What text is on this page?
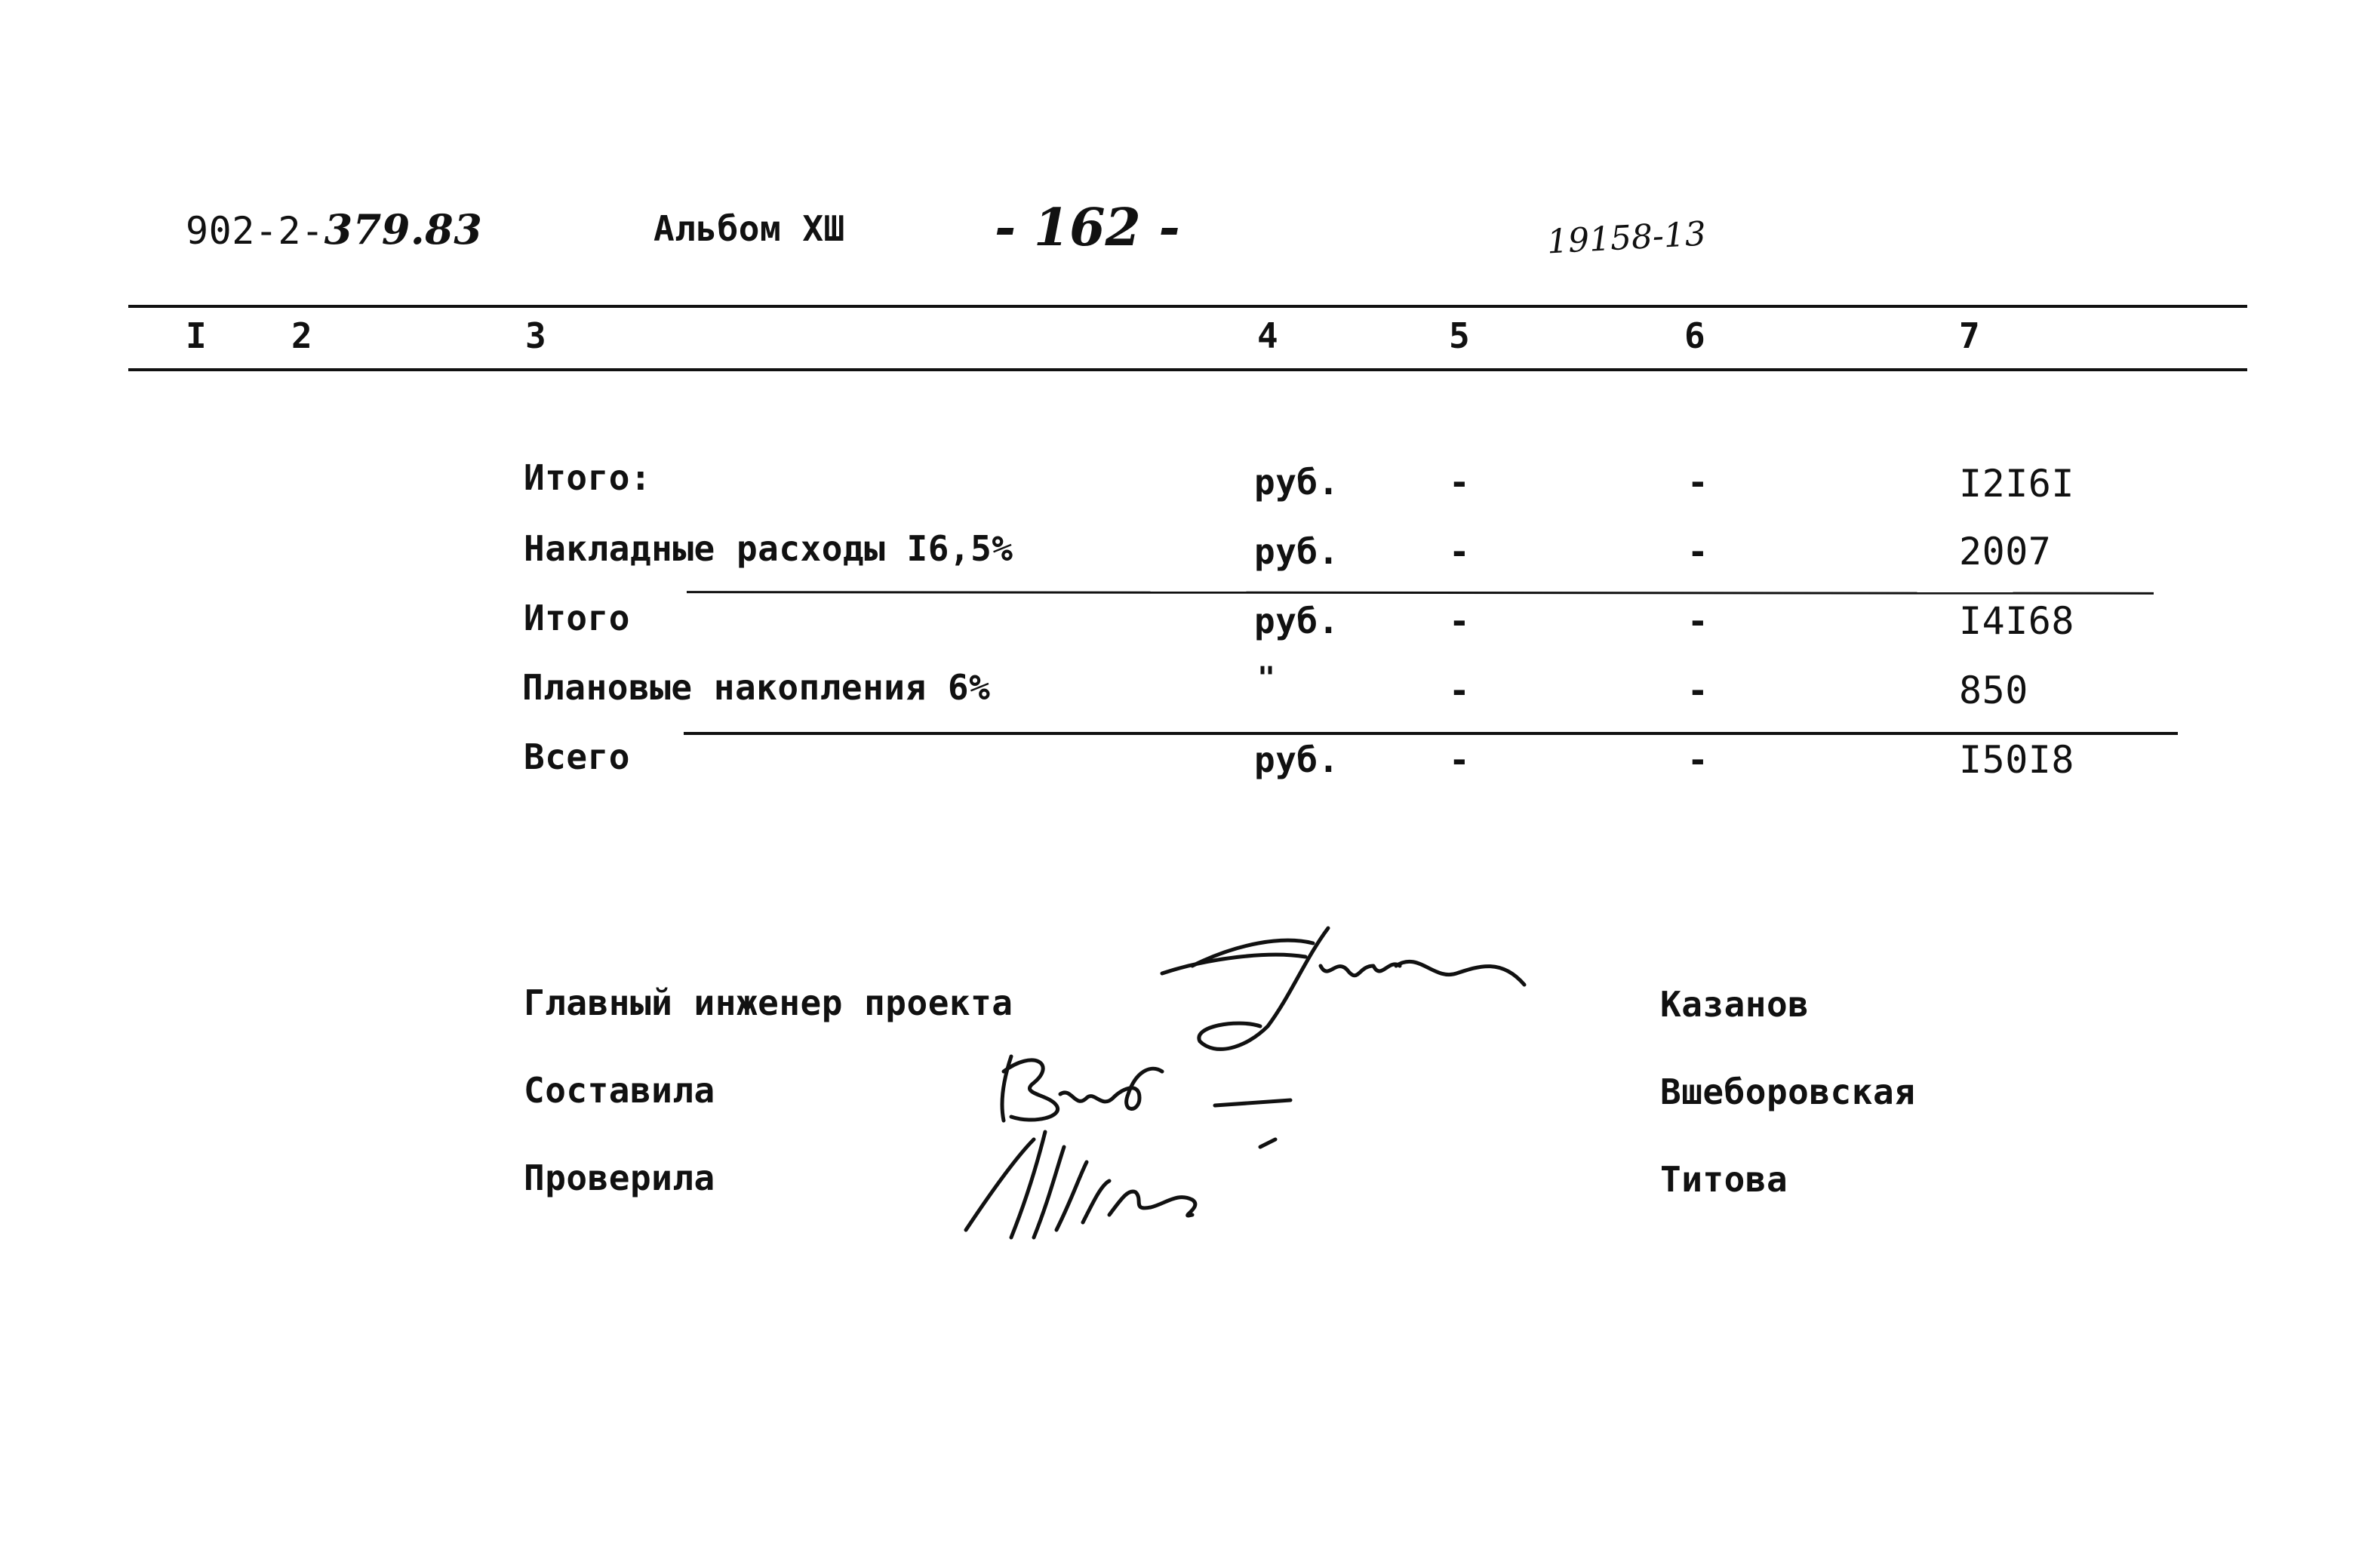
902-2-379.83	Альбом XШ	- 162 -	19158-13
I 2	3	4	5	6	7
Итого:	руб.	-	-	I2I6I
Накладные расходы I6,5%	руб.	-	-	2007
Итого	руб.	-	-	I4I68
Плановые накопления 6%	"	-	-	850
Всего	руб.	-	-	I50I8
Главный инженер проекта	Казанов
Составила	Вшеборовская
Проверила	Титова
